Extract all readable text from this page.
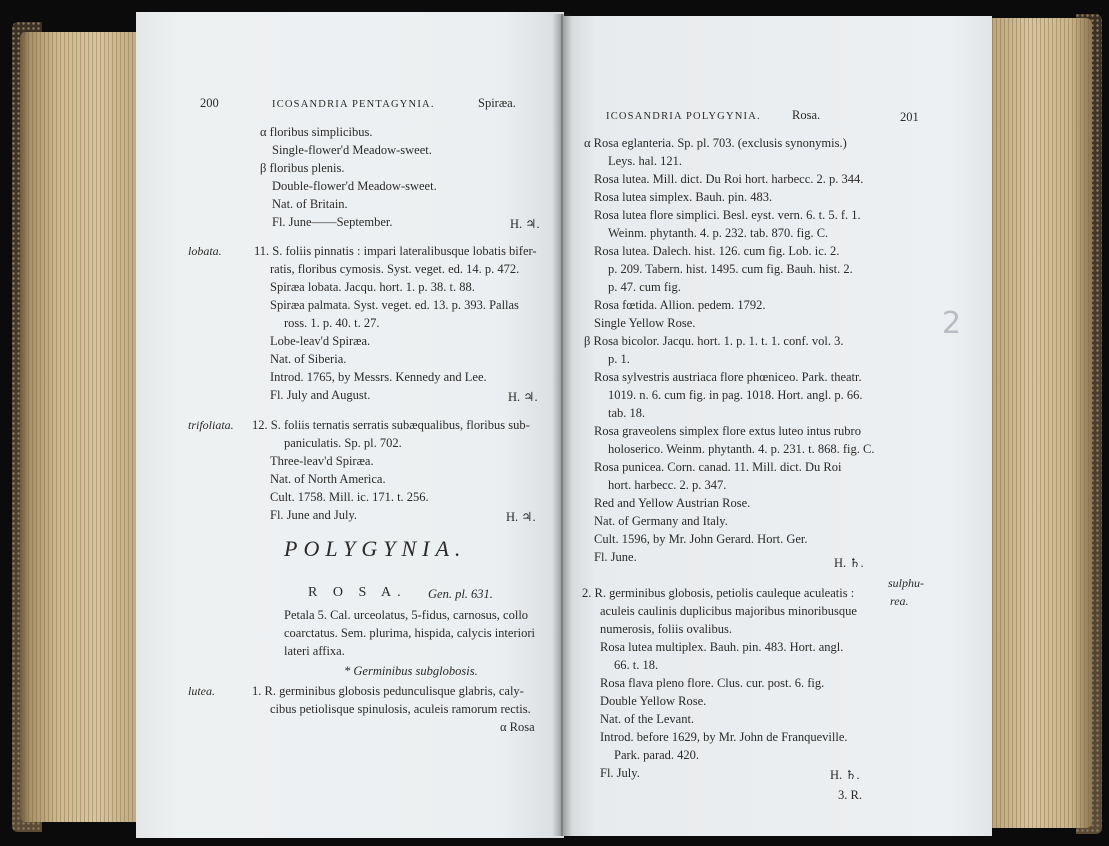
200	ICOSANDRIA PENTAGYNIA.	Spiræa.
α floribus simplicibus.
Single-flower'd Meadow-sweet.
β floribus plenis.
Double-flower'd Meadow-sweet.
Nat. of Britain.
Fl. June——September.	H. ♃.
lobata.	11. S. foliis pinnatis : impari lateralibusque lobatis bifer-
ratis, floribus cymosis. Syst. veget. ed. 14. p. 472.
Spiræa lobata. Jacqu. hort. 1. p. 38. t. 88.
Spiræa palmata. Syst. veget. ed. 13. p. 393. Pallas
ross. 1. p. 40. t. 27.
Lobe-leav'd Spiræa.
Nat. of Siberia.
Introd. 1765, by Messrs. Kennedy and Lee.
Fl. July and August.	H. ♃.
trifoliata. 12. S. foliis ternatis serratis subæqualibus, floribus sub-
paniculatis. Sp. pl. 702.
Three-leav'd Spiræa.
Nat. of North America.
Cult. 1758. Mill. ic. 171. t. 256.
Fl. June and July.	H. ♃.
POLYGYNIA.
R O S A. Gen. pl. 631.
Petala 5. Cal. urceolatus, 5-fidus, carnosus, collo
coarctatus. Sem. plurima, hispida, calycis interiori
lateri affixa.
* Germinibus subglobosis.
lutea.	1. R. germinibus globosis pedunculisque glabris, caly-
cibus petiolisque spinulosis, aculeis ramorum rectis.
α Rosa
ICOSANDRIA POLYGYNIA. Rosa.	201
α Rosa eglanteria. Sp. pl. 703. (exclusis synonymis.)
Leys. hal. 121.
Rosa lutea. Mill. dict. Du Roi hort. harbecc. 2. p. 344.
Rosa lutea simplex. Bauh. pin. 483.
Rosa lutea flore simplici. Besl. eyst. vern. 6. t. 5. f. 1.
Weinm. phytanth. 4. p. 232. tab. 870. fig. C.
Rosa lutea. Dalech. hist. 126. cum fig. Lob. ic. 2.
p. 209. Tabern. hist. 1495. cum fig. Bauh. hist. 2.
p. 47. cum fig.
Rosa fœtida. Allion. pedem. 1792.
Single Yellow Rose.
β Rosa bicolor. Jacqu. hort. 1. p. 1. t. 1. conf. vol. 3.
p. 1.
Rosa sylvestris austriaca flore phœniceo. Park. theatr.
1019. n. 6. cum fig. in pag. 1018. Hort. angl. p. 66.
tab. 18.
Rosa graveolens simplex flore extus luteo intus rubro
holoserico. Weinm. phytanth. 4. p. 231. t. 868. fig. C.
Rosa punicea. Corn. canad. 11. Mill. dict. Du Roi
hort. harbecc. 2. p. 347.
Red and Yellow Austrian Rose.
Nat. of Germany and Italy.
Cult. 1596, by Mr. John Gerard. Hort. Ger.
Fl. June.	H. ♄.
2. R. germinibus globosis, petiolis cauleque aculeatis :
aculeis caulinis duplicibus majoribus minoribusque
numerosis, foliis ovalibus.
Rosa lutea multiplex. Bauh. pin. 483. Hort. angl.
66. t. 18.
Rosa flava pleno flore. Clus. cur. post. 6. fig.
Double Yellow Rose.
Nat. of the Levant.
Introd. before 1629, by Mr. John de Franqueville.
Park. parad. 420.
Fl. July.	H. ♄.
3. R.
sulphu-
rea.
2
